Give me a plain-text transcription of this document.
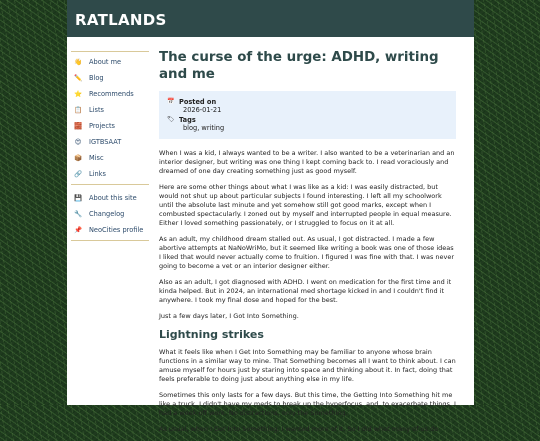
RATLANDS
👋 About me
✏️ Blog
⭐ Recommends
📋 Lists
🧱 Projects
😍 IGTBSAAT
📦 Misc
🔗 Links
💾 About this site
🔧 Changelog
📌 NeoCities profile
The curse of the urge: ADHD, writing and me
📅 Posted on
2026-01-21
🏷 Tags
blog, writing

When I was a kid, I always wanted to be a writer. I also wanted to be a veterinarian and an interior designer, but writing was one thing I kept coming back to. I read voraciously and dreamed of one day creating something just as good myself.

Here are some other things about what I was like as a kid: I was easily distracted, but would not shut up about particular subjects I found interesting. I left all my schoolwork until the absolute last minute and yet somehow still got good marks, except when I combusted spectacularly. I zoned out by myself and interrupted people in equal measure. Either I loved something passionately, or I struggled to focus on it at all.

As an adult, my childhood dream stalled out. As usual, I got distracted. I made a few abortive attempts at NaNoWriMo, but it seemed like writing a book was one of those ideas I liked that would never actually come to fruition. I figured I was fine with that. I was never going to become a vet or an interior designer either.

Also as an adult, I got diagnosed with ADHD. I went on medication for the first time and it kinda helped. But in 2024, an international med shortage kicked in and I couldn't find it anywhere. I took my final dose and hoped for the best.

Just a few days later, I Got Into Something.

Lightning strikes

What it feels like when I Get Into Something may be familiar to anyone whose brain functions in a similar way to mine. That Something becomes all I want to think about. I can amuse myself for hours just by staring into space and thinking about it. In fact, doing that feels preferable to doing just about anything else in my life.

Sometimes this only lasts for a few days. But this time, the Getting Into Something hit me like a truck. I didn't have my meds to break up the hyperfocus, and, to exacerbate things, I had a week off work. No distractions, only the Something.

As usual, when I Got Into Something, I wanted more of it. So I did what many of us do
